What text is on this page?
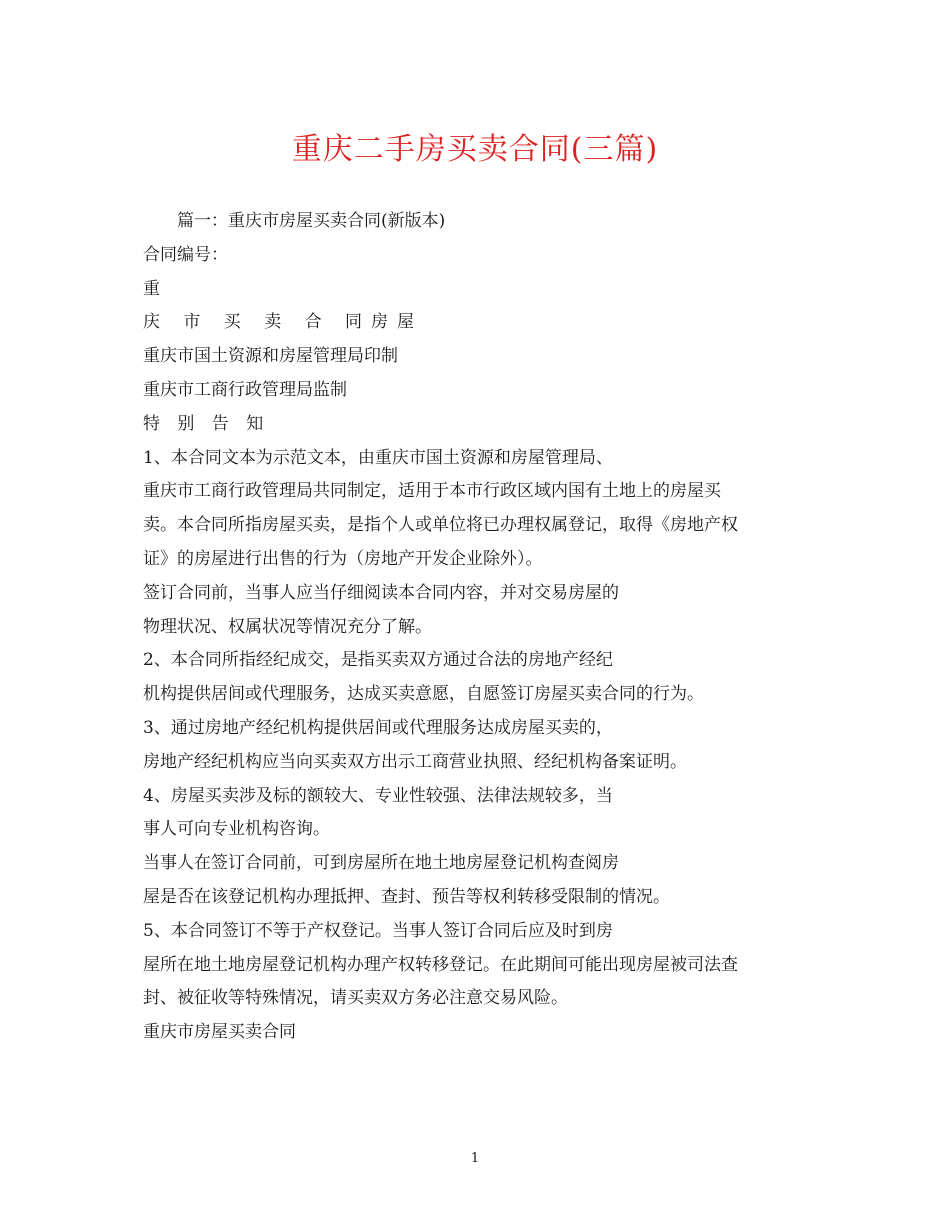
重庆二手房买卖合同(三篇)
篇一：重庆市房屋买卖合同(新版本)
合同编号：
重
庆 市 买 卖 合 同房屋
重庆市国土资源和房屋管理局印制
重庆市工商行政管理局监制
特 别 告 知
1、本合同文本为示范文本，由重庆市国土资源和房屋管理局、
重庆市工商行政管理局共同制定，适用于本市行政区域内国有土地上的房屋买
卖。本合同所指房屋买卖，是指个人或单位将已办理权属登记，取得《房地产权
证》的房屋进行出售的行为（房地产开发企业除外）。
签订合同前，当事人应当仔细阅读本合同内容，并对交易房屋的
物理状况、权属状况等情况充分了解。
2、本合同所指经纪成交，是指买卖双方通过合法的房地产经纪
机构提供居间或代理服务，达成买卖意愿，自愿签订房屋买卖合同的行为。
3、通过房地产经纪机构提供居间或代理服务达成房屋买卖的，
房地产经纪机构应当向买卖双方出示工商营业执照、经纪机构备案证明。
4、房屋买卖涉及标的额较大、专业性较强、法律法规较多，当
事人可向专业机构咨询。
当事人在签订合同前，可到房屋所在地土地房屋登记机构查阅房
屋是否在该登记机构办理抵押、查封、预告等权利转移受限制的情况。
5、本合同签订不等于产权登记。当事人签订合同后应及时到房
屋所在地土地房屋登记机构办理产权转移登记。在此期间可能出现房屋被司法查
封、被征收等特殊情况，请买卖双方务必注意交易风险。
重庆市房屋买卖合同
1
